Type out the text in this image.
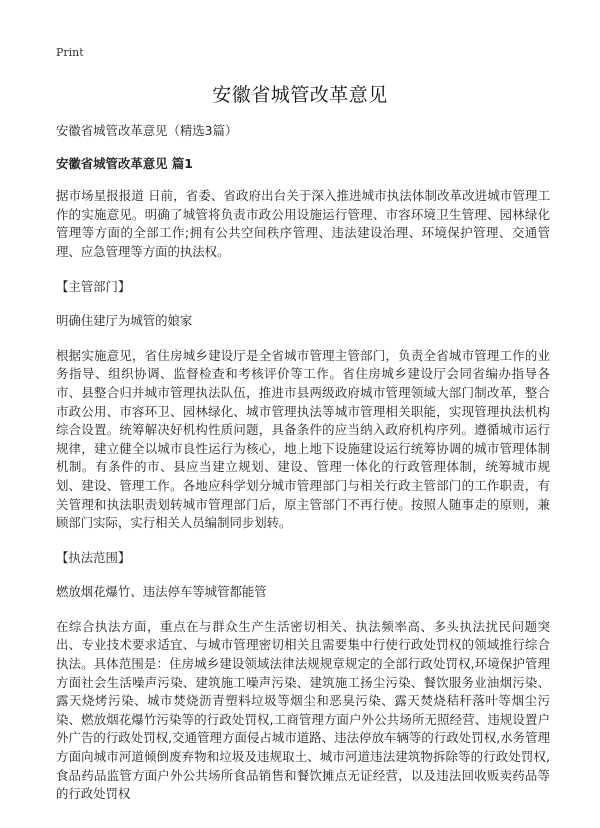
Print
安徽省城管改革意见

安徽省城管改革意见（精选3篇）

安徽省城管改革意见 篇1

据市场星报报道 日前，省委、省政府出台关于深入推进城市执法体制改革改进城市管理工作的实施意见。明确了城管将负责市政公用设施运行管理、市容环境卫生管理、园林绿化管理等方面的全部工作;拥有公共空间秩序管理、违法建设治理、环境保护管理、交通管理、应急管理等方面的执法权。

【主管部门】

明确住建厅为城管的娘家

根据实施意见，省住房城乡建设厅是全省城市管理主管部门，负责全省城市管理工作的业务指导、组织协调、监督检查和考核评价等工作。省住房城乡建设厅会同省编办指导各市、县整合归并城市管理执法队伍，推进市县两级政府城市管理领域大部门制改革，整合市政公用、市容环卫、园林绿化、城市管理执法等城市管理相关职能，实现管理执法机构综合设置。统筹解决好机构性质问题，具备条件的应当纳入政府机构序列。遵循城市运行规律，建立健全以城市良性运行为核心，地上地下设施建设运行统筹协调的城市管理体制机制。有条件的市、县应当建立规划、建设、管理一体化的行政管理体制，统筹城市规划、建设、管理工作。各地应科学划分城市管理部门与相关行政主管部门的工作职责，有关管理和执法职责划转城市管理部门后，原主管部门不再行使。按照人随事走的原则，兼顾部门实际，实行相关人员编制同步划转。

【执法范围】

燃放烟花爆竹、违法停车等城管都能管

在综合执法方面，重点在与群众生产生活密切相关、执法频率高、多头执法扰民问题突出、专业技术要求适宜、与城市管理密切相关且需要集中行使行政处罚权的领域推行综合执法。具体范围是：住房城乡建设领域法律法规规章规定的全部行政处罚权,环境保护管理方面社会生活噪声污染、建筑施工噪声污染、建筑施工扬尘污染、餐饮服务业油烟污染、露天烧烤污染、城市焚烧沥青塑料垃圾等烟尘和恶臭污染、露天焚烧秸秆落叶等烟尘污染、燃放烟花爆竹污染等的行政处罚权,工商管理方面户外公共场所无照经营、违规设置户外广告的行政处罚权,交通管理方面侵占城市道路、违法停放车辆等的行政处罚权,水务管理方面向城市河道倾倒废弃物和垃圾及违规取土、城市河道违法建筑物拆除等的行政处罚权,食品药品监管方面户外公共场所食品销售和餐饮摊点无证经营，以及违法回收贩卖药品等的行政处罚权
